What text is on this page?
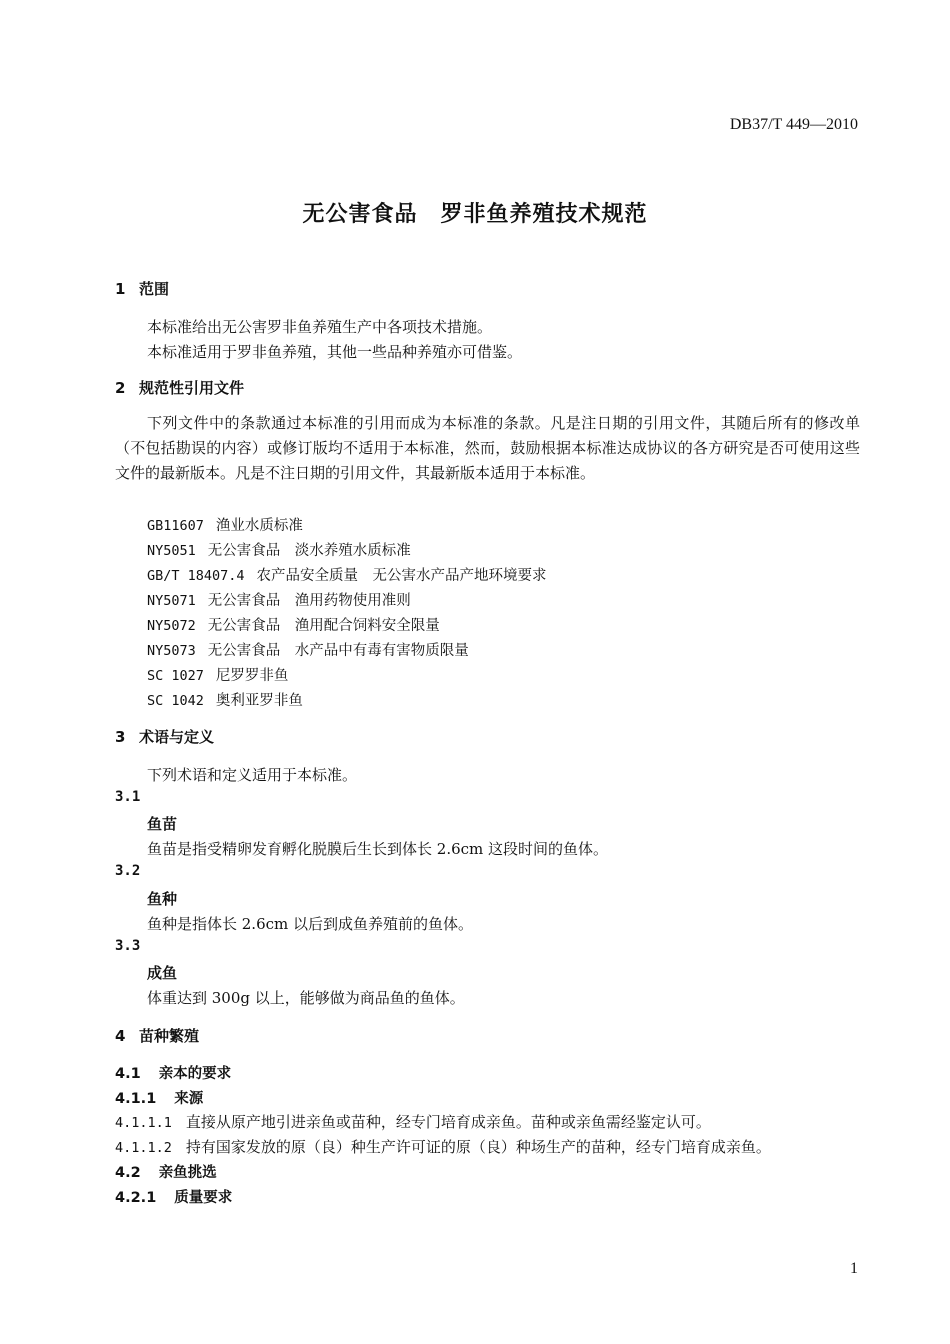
DB37/T 449—2010
无公害食品　罗非鱼养殖技术规范
1 范围
本标准给出无公害罗非鱼养殖生产中各项技术措施。
本标准适用于罗非鱼养殖，其他一些品种养殖亦可借鉴。
2 规范性引用文件
下列文件中的条款通过本标准的引用而成为本标准的条款。凡是注日期的引用文件，其随后所有的修改单（不包括勘误的内容）或修订版均不适用于本标准，然而，鼓励根据本标准达成协议的各方研究是否可使用这些文件的最新版本。凡是不注日期的引用文件，其最新版本适用于本标准。
GB11607 渔业水质标准
NY5051 无公害食品　淡水养殖水质标准
GB/T 18407.4 农产品安全质量　无公害水产品产地环境要求
NY5071 无公害食品　渔用药物使用准则
NY5072 无公害食品　渔用配合饲料安全限量
NY5073 无公害食品　水产品中有毒有害物质限量
SC 1027 尼罗罗非鱼
SC 1042 奥利亚罗非鱼
3 术语与定义
下列术语和定义适用于本标准。
3.1
鱼苗
鱼苗是指受精卵发育孵化脱膜后生长到体长 2.6cm 这段时间的鱼体。
3.2
鱼种
鱼种是指体长 2.6cm 以后到成鱼养殖前的鱼体。
3.3
成鱼
体重达到 300g 以上，能够做为商品鱼的鱼体。
4 苗种繁殖
4.1 亲本的要求
4.1.1 来源
4.1.1.1 直接从原产地引进亲鱼或苗种，经专门培育成亲鱼。苗种或亲鱼需经鉴定认可。
4.1.1.2 持有国家发放的原（良）种生产许可证的原（良）种场生产的苗种，经专门培育成亲鱼。
4.2 亲鱼挑选
4.2.1 质量要求
1
